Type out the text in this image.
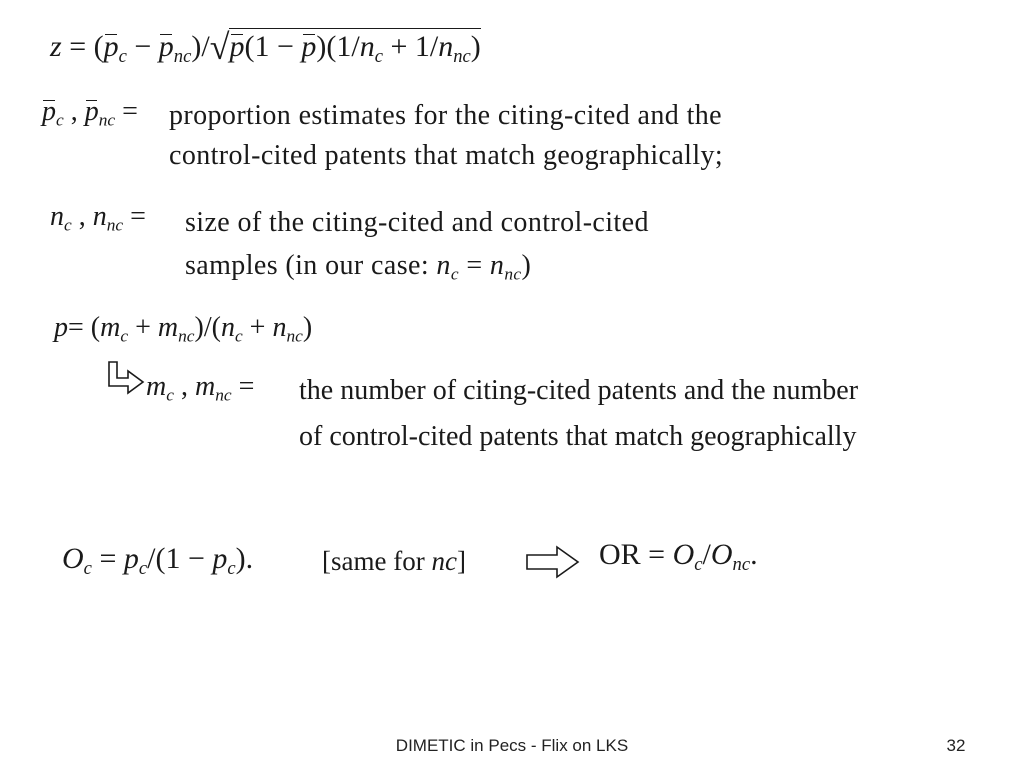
$z = (p_c - p_{nc})/√p(1 - p)(1/n_c + 1/n_{nc})$
$p_c$ , $p_{nc}$ = proportion estimates for the citing-cited and the
control-cited patents that match geographically;
$n_c$ , $n_{nc}$ = size of the citing-cited and control-cited
samples (in our case: $n_c = n_{nc}$)
$p= (m_c + m_{nc})/(n_c + n_{nc})$
$m_c$ , $m_{nc}$ = the number of citing-cited patents and the number
of control-cited patents that match geographically
$O_c = p_c/(1 - p_c)$.	[same for nc]	OR = $O_c/O_{nc}$.
DIMETIC in Pecs - Flix on LKS	32
